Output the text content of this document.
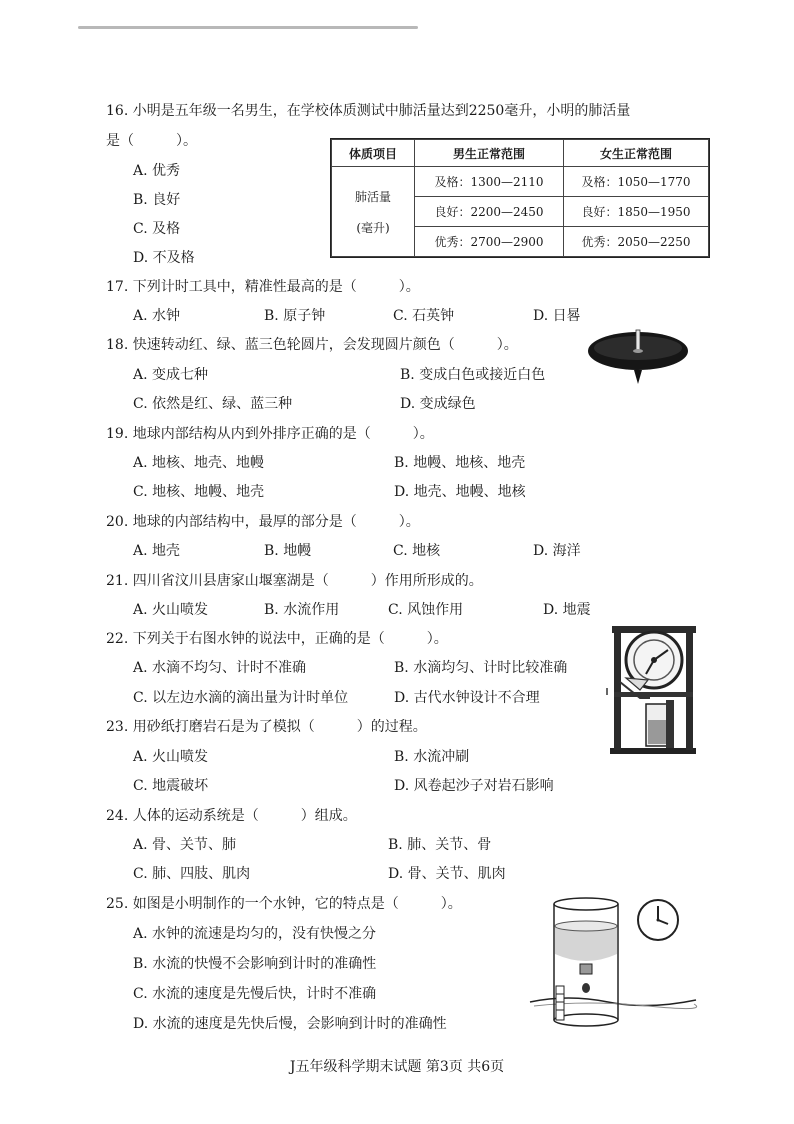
16. 小明是五年级一名男生，在学校体质测试中肺活量达到2250毫升，小明的肺活量
是（　　　）。
A. 优秀
B. 良好
C. 及格
D. 不及格
体质项目	男生正常范围	女生正常范围

肺活量
(毫升)	及格：1300—2110	及格：1050—1770
	良好：2200—2450	良好：1850—1950
	优秀：2700—2900	优秀：2050—2250
17. 下列计时工具中，精准性最高的是（　　　）。
A. 水钟	B. 原子钟	C. 石英钟	D. 日晷
18. 快速转动红、绿、蓝三色轮圆片，会发现圆片颜色（　　　）。
A. 变成七种	B. 变成白色或接近白色
C. 依然是红、绿、蓝三种	D. 变成绿色
19. 地球内部结构从内到外排序正确的是（　　　）。
A. 地核、地壳、地幔	B. 地幔、地核、地壳
C. 地核、地幔、地壳	D. 地壳、地幔、地核
20. 地球的内部结构中，最厚的部分是（　　　）。
A. 地壳	B. 地幔	C. 地核	D. 海洋
21. 四川省汶川县唐家山堰塞湖是（　　　）作用所形成的。
A. 火山喷发	B. 水流作用	C. 风蚀作用	D. 地震
22. 下列关于右图水钟的说法中，正确的是（　　　）。
A. 水滴不均匀、计时不准确	B. 水滴均匀、计时比较准确
C. 以左边水滴的滴出量为计时单位	D. 古代水钟设计不合理
23. 用砂纸打磨岩石是为了模拟（　　　）的过程。
A. 火山喷发	B. 水流冲刷
C. 地震破坏	D. 风卷起沙子对岩石影响
24. 人体的运动系统是（　　　）组成。
A. 骨、关节、肺	B. 肺、关节、骨
C. 肺、四肢、肌肉	D. 骨、关节、肌肉
25. 如图是小明制作的一个水钟，它的特点是（　　　）。
A. 水钟的流速是均匀的，没有快慢之分
B. 水流的快慢不会影响到计时的准确性
C. 水流的速度是先慢后快，计时不准确
D. 水流的速度是先快后慢，会影响到计时的准确性
J五年级科学期末试题 第3页 共6页
